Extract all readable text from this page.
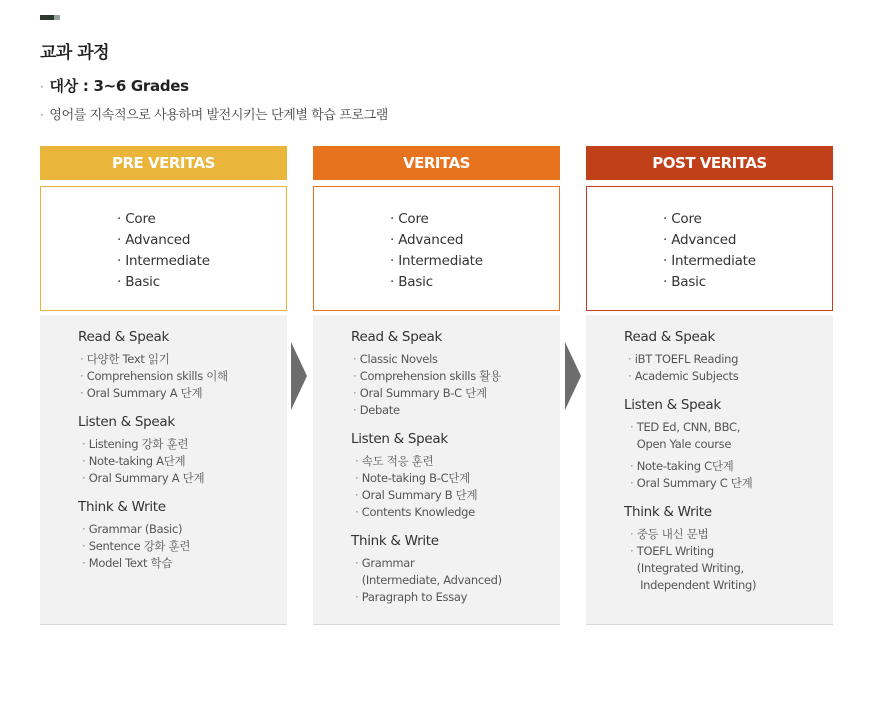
교과 과정
· 대상 : 3~6 Grades
· 영어를 지속적으로 사용하며 발전시키는 단계별 학습 프로그램
PRE VERITAS
· Core
· Advanced
· Intermediate
· Basic
Read & Speak
· 다양한 Text 읽기
· Comprehension skills 이해
· Oral Summary A 단계
Listen & Speak
· Listening 강화 훈련
· Note-taking A단계
· Oral Summary A 단계
Think & Write
· Grammar (Basic)
· Sentence 강화 훈련
· Model Text 학습
VERITAS
· Core
· Advanced
· Intermediate
· Basic
Read & Speak
· Classic Novels
· Comprehension skills 활용
· Oral Summary B-C 단계
· Debate
Listen & Speak
· 속도 적응 훈련
· Note-taking B-C단계
· Oral Summary B 단계
· Contents Knowledge
Think & Write
· Grammar
(Intermediate, Advanced)
· Paragraph to Essay
POST VERITAS
· Core
· Advanced
· Intermediate
· Basic
Read & Speak
· iBT TOEFL Reading
· Academic Subjects
Listen & Speak
· TED Ed, CNN, BBC,
Open Yale course
· Note-taking C단계
· Oral Summary C 단계
Think & Write
· 중등 내신 문법
· TOEFL Writing
(Integrated Writing,
Independent Writing)
